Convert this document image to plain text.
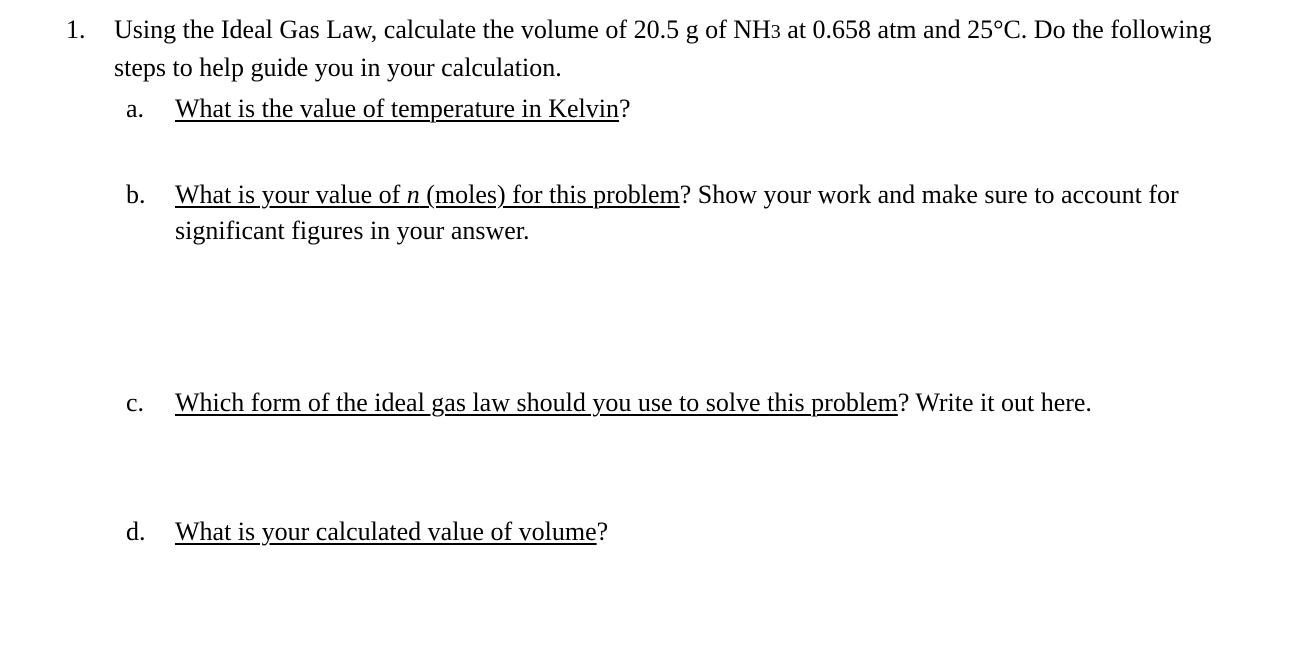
1. Using the Ideal Gas Law, calculate the volume of 20.5 g of NH3 at 0.658 atm and 25°C. Do the following steps to help guide you in your calculation.
a. What is the value of temperature in Kelvin?
b. What is your value of n (moles) for this problem? Show your work and make sure to account for significant figures in your answer.
c. Which form of the ideal gas law should you use to solve this problem? Write it out here.
d. What is your calculated value of volume?
